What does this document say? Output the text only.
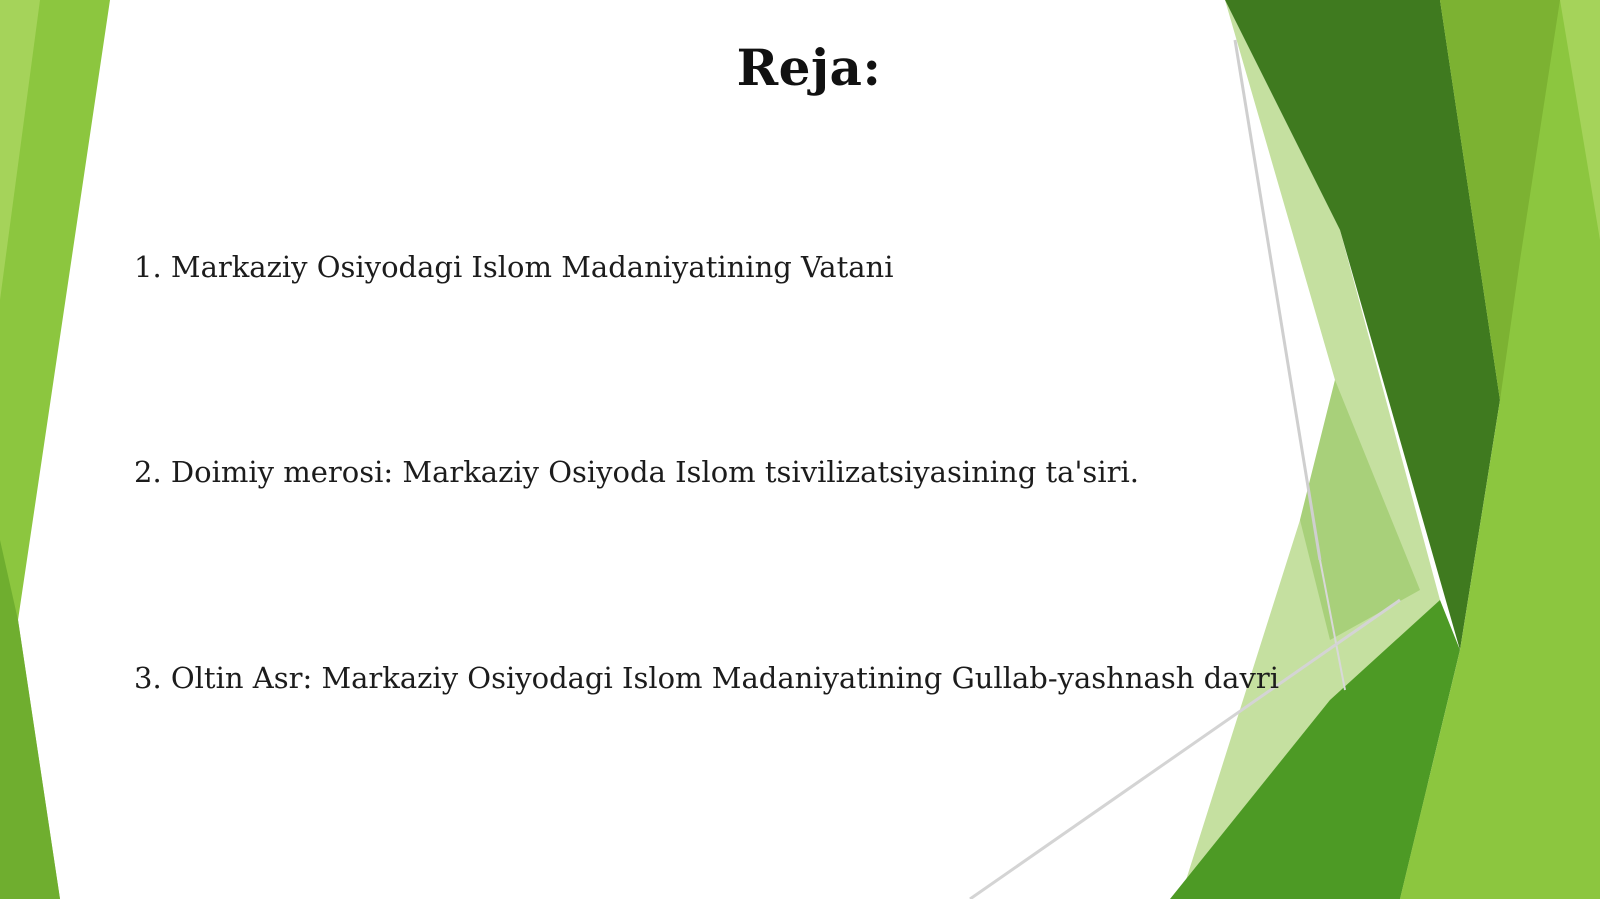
Reja:
1. Markaziy Osiyodagi Islom Madaniyatining Vatani
2. Doimiy merosi: Markaziy Osiyoda Islom tsivilizatsiyasining ta'siri.
3. Oltin Asr: Markaziy Osiyodagi Islom Madaniyatining Gullab-yashnash davri
